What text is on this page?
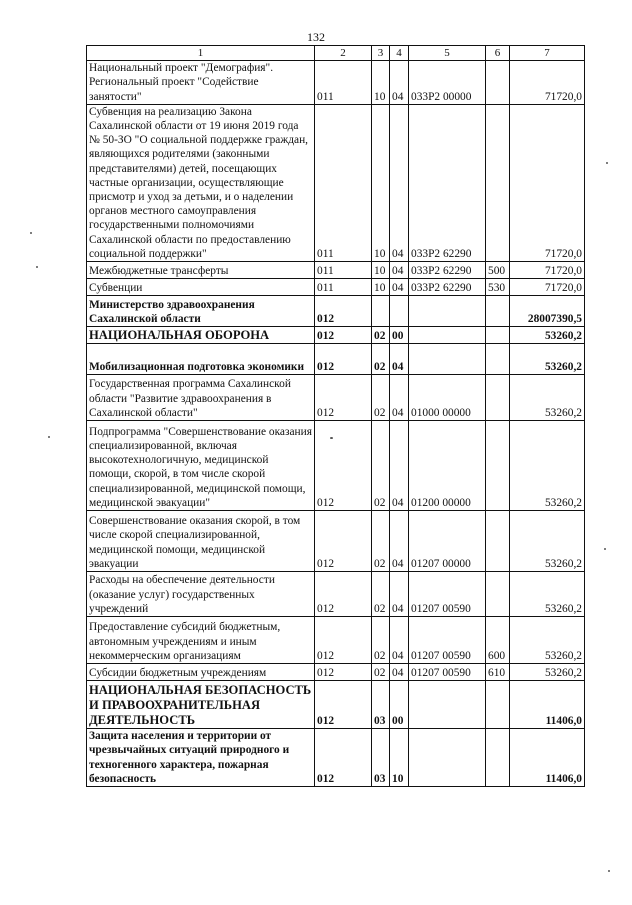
132
1	2	3	4	5	6	7
Национальный проект "Демография". Региональный проект "Содействие занятости"	011	10	04	033P2 00000		71720,0
Субвенция на реализацию Закона Сахалинской области от 19 июня 2019 года № 50-ЗО "О социальной поддержке граждан, являющихся родителями (законными представителями) детей, посещающих частные организации, осуществляющие присмотр и уход за детьми, и о наделении органов местного самоуправления государственными полномочиями Сахалинской области по предоставлению социальной поддержки"	011	10	04	033P2 62290		71720,0
Межбюджетные трансферты	011	10	04	033P2 62290	500	71720,0
Субвенции	011	10	04	033P2 62290	530	71720,0
Министерство здравоохранения Сахалинской области	012					28007390,5
НАЦИОНАЛЬНАЯ ОБОРОНА	012	02	00			53260,2
Мобилизационная подготовка экономики	012	02	04			53260,2
Государственная программа Сахалинской области "Развитие здравоохранения в Сахалинской области"	012	02	04	01000 00000		53260,2
Подпрограмма "Совершенствование оказания специализированной, включая высокотехнологичную, медицинской помощи, скорой, в том числе скорой специализированной, медицинской помощи, медицинской эвакуации"	012	02	04	01200 00000		53260,2
Совершенствование оказания скорой, в том числе скорой специализированной, медицинской помощи, медицинской эвакуации	012	02	04	01207 00000		53260,2
Расходы на обеспечение деятельности (оказание услуг) государственных учреждений	012	02	04	01207 00590		53260,2
Предоставление субсидий бюджетным, автономным учреждениям и иным некоммерческим организациям	012	02	04	01207 00590	600	53260,2
Субсидии бюджетным учреждениям	012	02	04	01207 00590	610	53260,2
НАЦИОНАЛЬНАЯ БЕЗОПАСНОСТЬ И ПРАВООХРАНИТЕЛЬНАЯ ДЕЯТЕЛЬНОСТЬ	012	03	00			11406,0
Защита населения и территории от чрезвычайных ситуаций природного и техногенного характера, пожарная безопасность	012	03	10			11406,0
